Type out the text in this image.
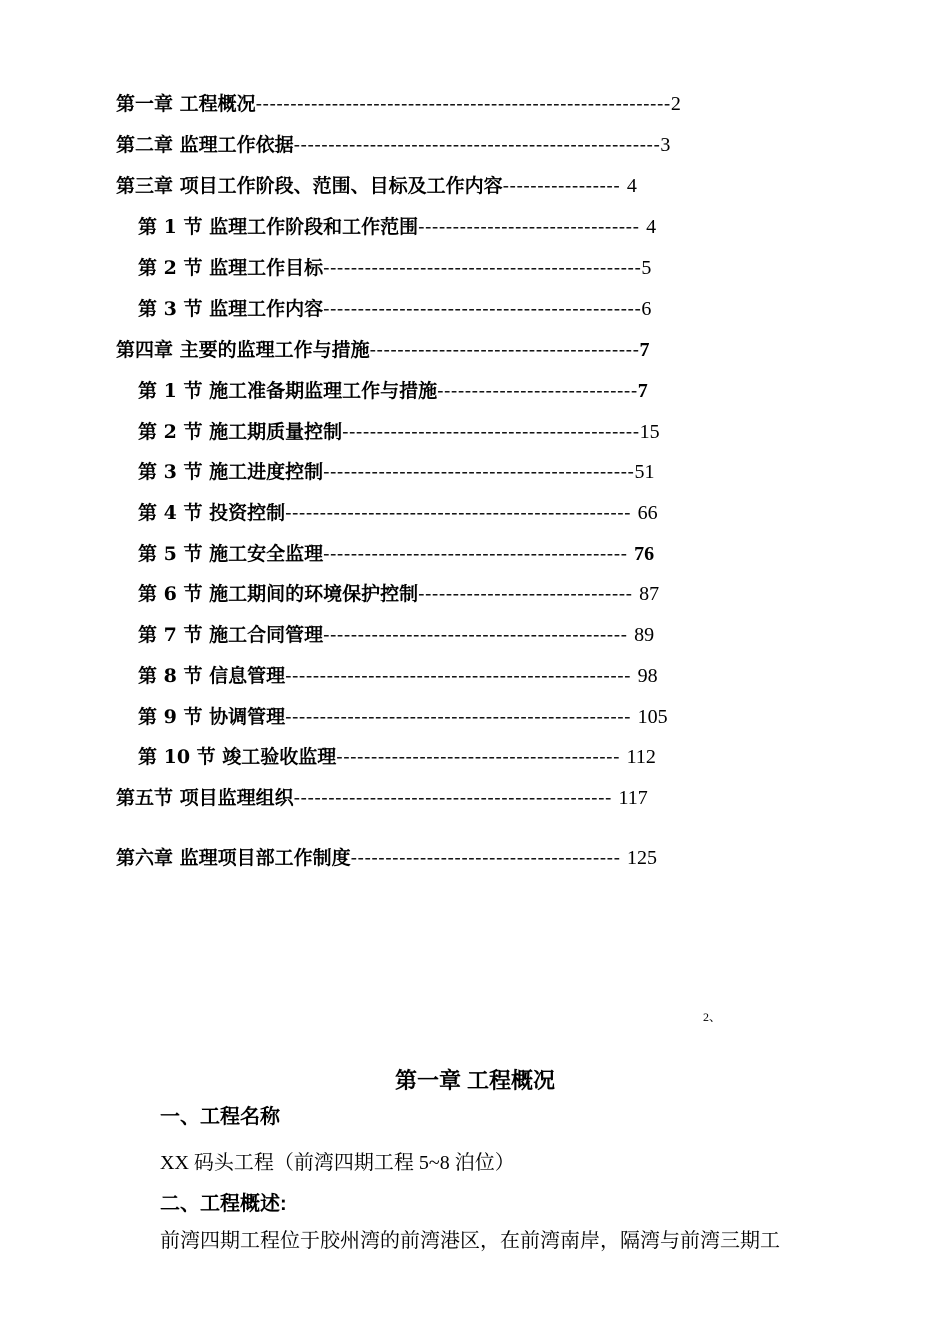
第一章 工程概况------------------------------------------------------------2
第二章 监理工作依据-----------------------------------------------------3
第三章 项目工作阶段、范围、目标及工作内容----------------- 4
第 1 节 监理工作阶段和工作范围-------------------------------- 4
第 2 节 监理工作目标----------------------------------------------5
第 3 节 监理工作内容----------------------------------------------6
第四章 主要的监理工作与措施---------------------------------------7
第 1 节 施工准备期监理工作与措施-----------------------------7
第 2 节 施工期质量控制-------------------------------------------15
第 3 节 施工进度控制---------------------------------------------51
第 4 节 投资控制-------------------------------------------------- 66
第 5 节 施工安全监理-------------------------------------------- 76
第 6 节 施工期间的环境保护控制------------------------------- 87
第 7 节 施工合同管理-------------------------------------------- 89
第 8 节 信息管理-------------------------------------------------- 98
第 9 节 协调管理-------------------------------------------------- 105
第 10 节 竣工验收监理----------------------------------------- 112
第五节 项目监理组织---------------------------------------------- 117
第六章 监理项目部工作制度--------------------------------------- 125
2、
第一章 工程概况
一、工程名称
XX 码头工程（前湾四期工程 5~8 泊位）
二、工程概述:
前湾四期工程位于胶州湾的前湾港区，在前湾南岸，隔湾与前湾三期工
